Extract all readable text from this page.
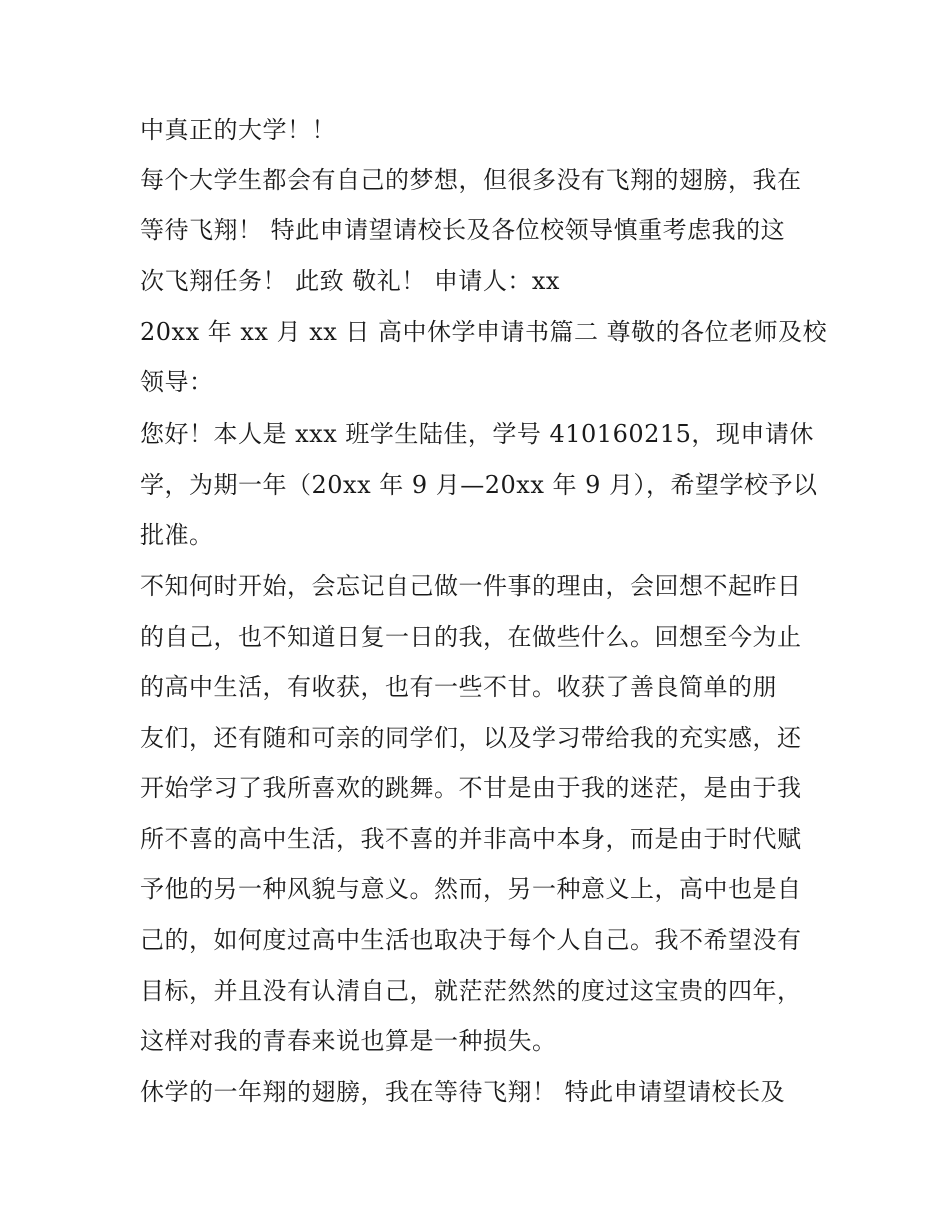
中真正的大学！！

每个大学生都会有自己的梦想，但很多没有飞翔的翅膀，我在

等待飞翔！ 特此申请望请校长及各位校领导慎重考虑我的这

次飞翔任务！ 此致 敬礼！ 申请人：xx

20xx 年 xx 月 xx 日 高中休学申请书篇二 尊敬的各位老师及校

领导：

您好！本人是 xxx 班学生陆佳，学号 410160215，现申请休

学，为期一年（20xx 年 9 月—20xx 年 9 月），希望学校予以

批准。

不知何时开始，会忘记自己做一件事的理由，会回想不起昨日

的自己，也不知道日复一日的我，在做些什么。回想至今为止

的高中生活，有收获，也有一些不甘。收获了善良简单的朋

友们，还有随和可亲的同学们，以及学习带给我的充实感，还

开始学习了我所喜欢的跳舞。不甘是由于我的迷茫，是由于我

所不喜的高中生活，我不喜的并非高中本身，而是由于时代赋

予他的另一种风貌与意义。然而，另一种意义上，高中也是自

己的，如何度过高中生活也取决于每个人自己。我不希望没有

目标，并且没有认清自己，就茫茫然然的度过这宝贵的四年，

这样对我的青春来说也算是一种损失。

休学的一年翔的翅膀，我在等待飞翔！ 特此申请望请校长及
